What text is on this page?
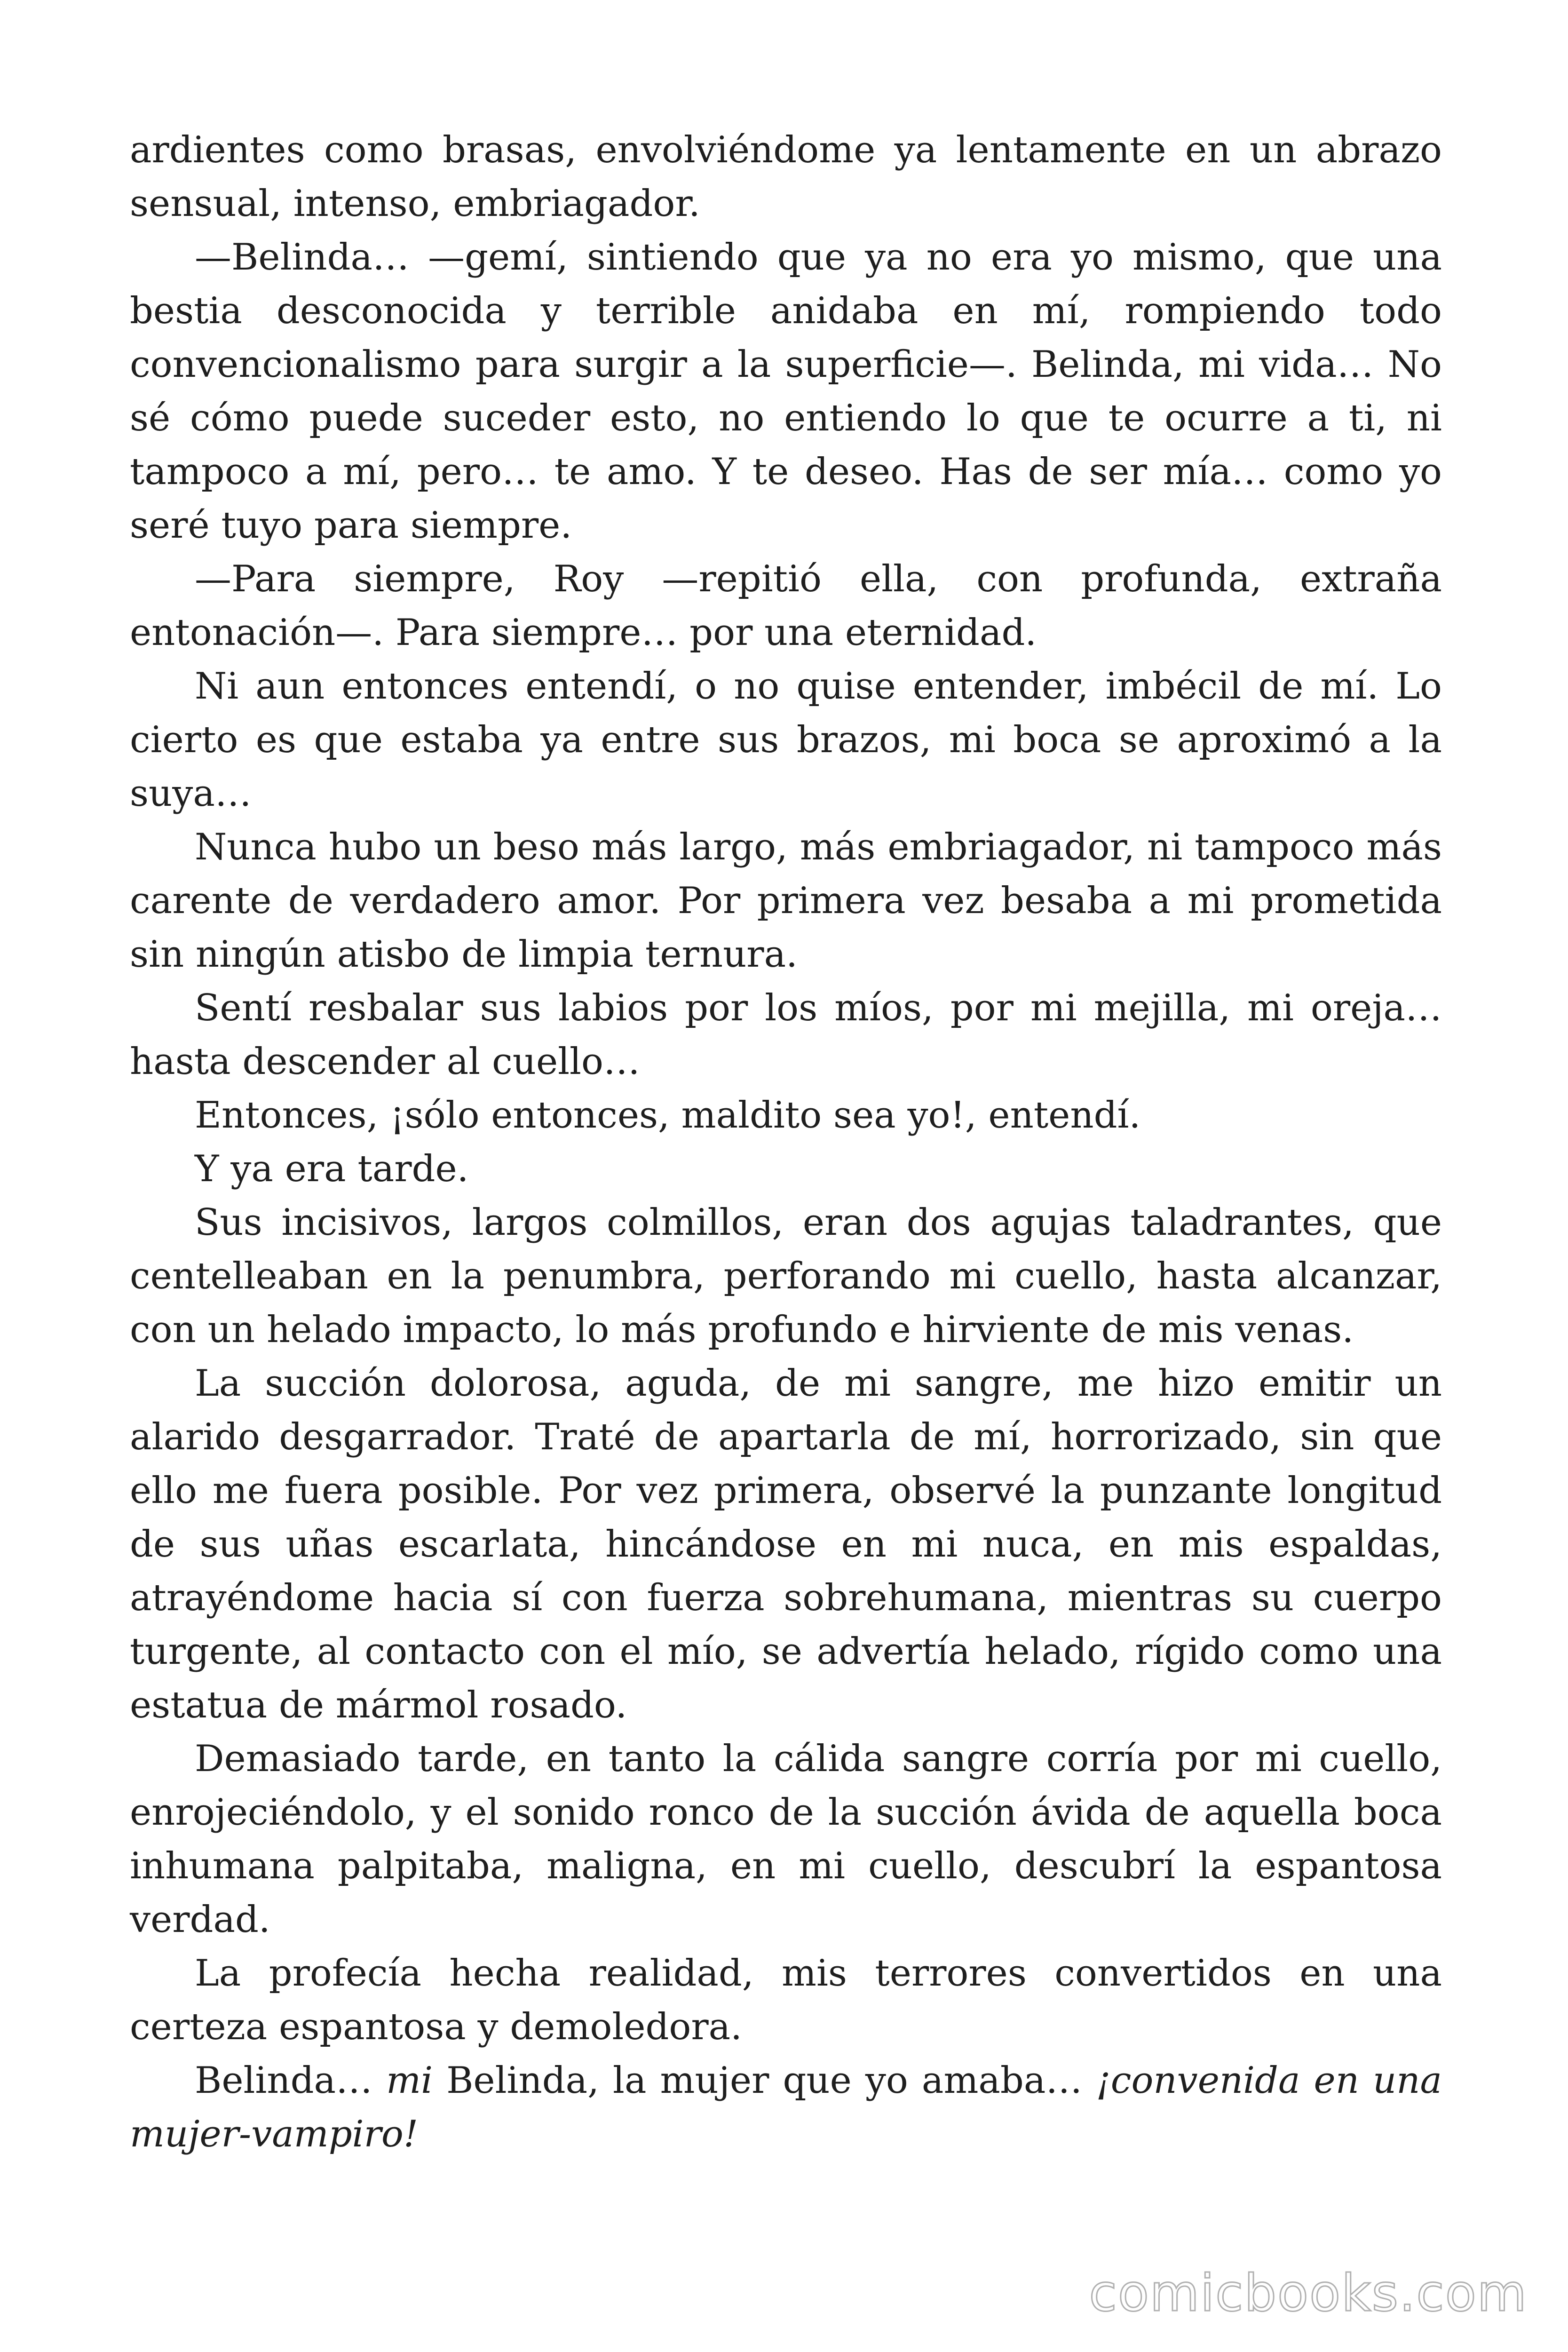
ardientes como brasas, envolviéndome ya lentamente en un abrazo sensual, intenso, embriagador.

—Belinda… —gemí, sintiendo que ya no era yo mismo, que una bestia desconocida y terrible anidaba en mí, rompiendo todo convencionalismo para surgir a la superficie—. Belinda, mi vida… No sé cómo puede suceder esto, no entiendo lo que te ocurre a ti, ni tampoco a mí, pero… te amo. Y te deseo. Has de ser mía… como yo seré tuyo para siempre.

—Para siempre, Roy —repitió ella, con profunda, extraña entonación—. Para siempre… por una eternidad.

Ni aun entonces entendí, o no quise entender, imbécil de mí. Lo cierto es que estaba ya entre sus brazos, mi boca se aproximó a la suya…

Nunca hubo un beso más largo, más embriagador, ni tampoco más carente de verdadero amor. Por primera vez besaba a mi prometida sin ningún atisbo de limpia ternura.

Sentí resbalar sus labios por los míos, por mi mejilla, mi oreja… hasta descender al cuello…

Entonces, ¡sólo entonces, maldito sea yo!, entendí.

Y ya era tarde.

Sus incisivos, largos colmillos, eran dos agujas taladrantes, que centelleaban en la penumbra, perforando mi cuello, hasta alcanzar, con un helado impacto, lo más profundo e hirviente de mis venas.

La succión dolorosa, aguda, de mi sangre, me hizo emitir un alarido desgarrador. Traté de apartarla de mí, horrorizado, sin que ello me fuera posible. Por vez primera, observé la punzante longitud de sus uñas escarlata, hincándose en mi nuca, en mis espaldas, atrayéndome hacia sí con fuerza sobrehumana, mientras su cuerpo turgente, al contacto con el mío, se advertía helado, rígido como una estatua de mármol rosado.

Demasiado tarde, en tanto la cálida sangre corría por mi cuello, enrojeciéndolo, y el sonido ronco de la succión ávida de aquella boca inhumana palpitaba, maligna, en mi cuello, descubrí la espantosa verdad.

La profecía hecha realidad, mis terrores convertidos en una certeza espantosa y demoledora.

Belinda… mi Belinda, la mujer que yo amaba… ¡convenida en una mujer-vampiro!

comicbooks.com
